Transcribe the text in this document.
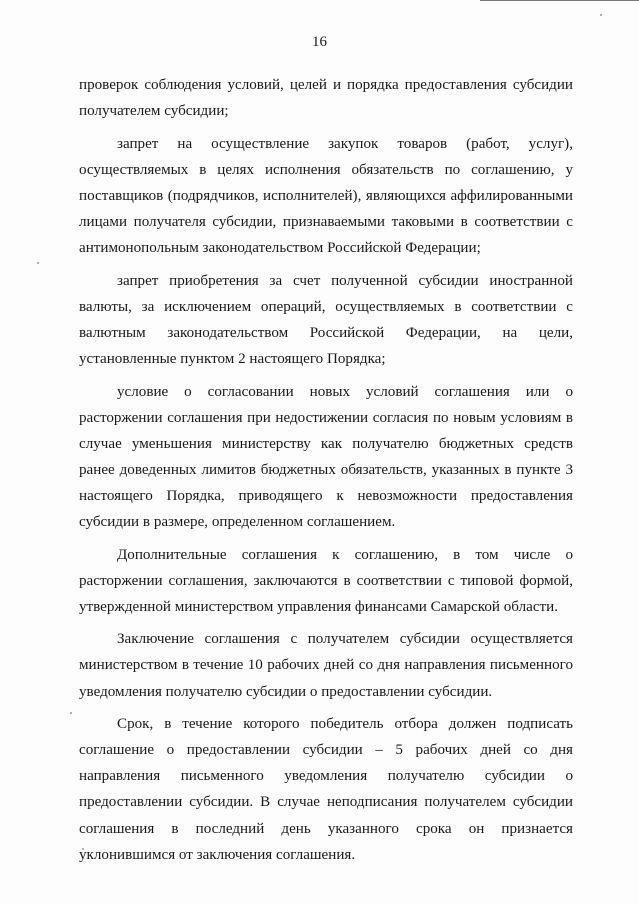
16

проверок соблюдения условий, целей и порядка предоставления субсидии получателем субсидии;

запрет на осуществление закупок товаров (работ, услуг), осуществляемых в целях исполнения обязательств по соглашению, у поставщиков (подрядчиков, исполнителей), являющихся аффилированными лицами получателя субсидии, признаваемыми таковыми в соответствии с антимонопольным законодательством Российской Федерации;

запрет приобретения за счет полученной субсидии иностранной валюты, за исключением операций, осуществляемых в соответствии с валютным законодательством Российской Федерации, на цели, установленные пунктом 2 настоящего Порядка;

условие о согласовании новых условий соглашения или о расторжении соглашения при недостижении согласия по новым условиям в случае уменьшения министерству как получателю бюджетных средств ранее доведенных лимитов бюджетных обязательств, указанных в пункте 3 настоящего Порядка, приводящего к невозможности предоставления субсидии в размере, определенном соглашением.

Дополнительные соглашения к соглашению, в том числе о расторжении соглашения, заключаются в соответствии с типовой формой, утвержденной министерством управления финансами Самарской области.

Заключение соглашения с получателем субсидии осуществляется министерством в течение 10 рабочих дней со дня направления письменного уведомления получателю субсидии о предоставлении субсидии.

Срок, в течение которого победитель отбора должен подписать соглашение о предоставлении субсидии – 5 рабочих дней со дня направления письменного уведомления получателю субсидии о предоставлении субсидии. В случае неподписания получателем субсидии соглашения в последний день указанного срока он признается уклонившимся от заключения соглашения.
